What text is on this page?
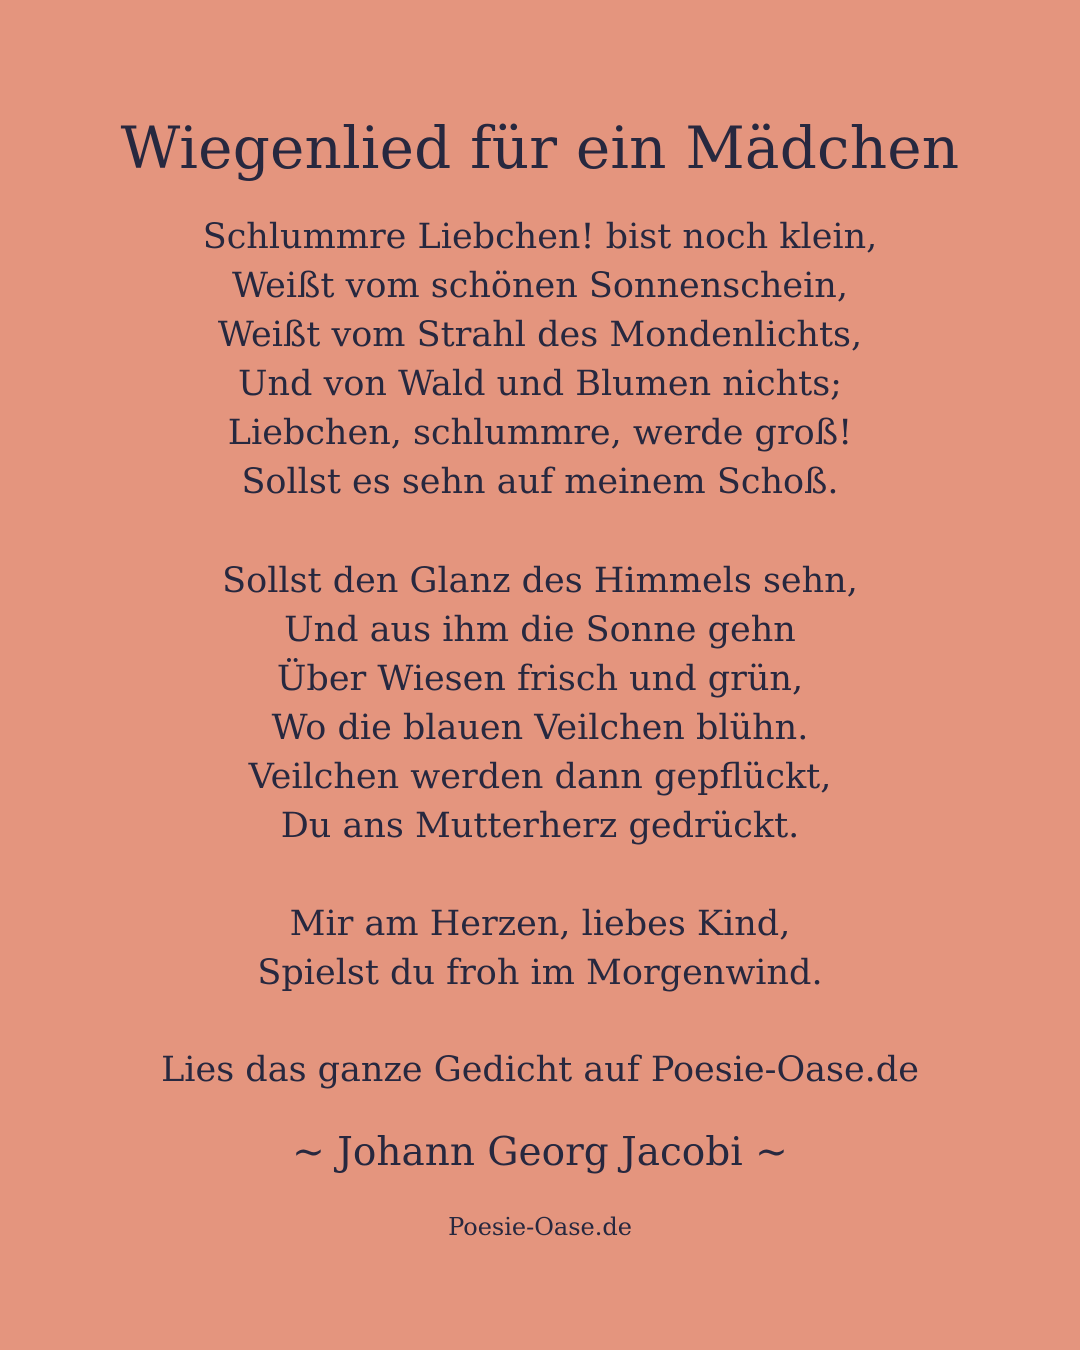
Wiegenlied für ein Mädchen
Schlummre Liebchen! bist noch klein,
Weißt vom schönen Sonnenschein,
Weißt vom Strahl des Mondenlichts,
Und von Wald und Blumen nichts;
Liebchen, schlummre, werde groß!
Sollst es sehn auf meinem Schoß.
Sollst den Glanz des Himmels sehn,
Und aus ihm die Sonne gehn
Über Wiesen frisch und grün,
Wo die blauen Veilchen blühn.
Veilchen werden dann gepflückt,
Du ans Mutterherz gedrückt.
Mir am Herzen, liebes Kind,
Spielst du froh im Morgenwind.
Lies das ganze Gedicht auf Poesie-Oase.de
~ Johann Georg Jacobi ~
Poesie-Oase.de
